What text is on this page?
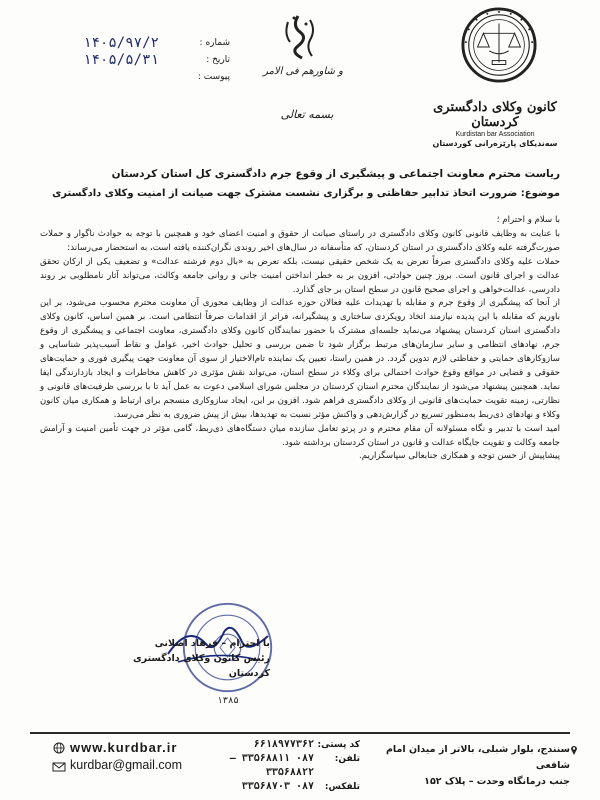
کانون وکلای دادگستری کردستان
Kurdistan bar Association
سەندیکای پارێزەرانی کوردستان
و شاورهم فی الامر
بسمه تعالی
شماره :
۱۴۰۵/۹۷/۲
تاریخ :
۱۴۰۵/۵/۳۱
پیوست :
ریاست محترم معاونت اجتماعی و پیشگیری از وقوع جرم دادگستری کل استان کردستان
موضوع: ضرورت اتخاذ تدابیر حفاظتی و برگزاری نشست مشترک جهت صیانت از امنیت وکلای دادگستری

با سلام و احترام ؛

با عنایت به وظایف قانونی کانون وکلای دادگستری در راستای صیانت از حقوق و امنیت اعضای خود و همچنین با توجه به حوادث ناگوار و حملات صورت‌گرفته علیه وکلای دادگستری در استان کردستان، که متأسفانه در سال‌های اخیر روندی نگران‌کننده یافته است، به استحضار می‌رساند:

حملات علیه وکلای دادگستری صرفاً تعرض به یک شخص حقیقی نیست، بلکه تعرض به «بال دوم فرشته عدالت» و تضعیف یکی از ارکان تحقق عدالت و اجرای قانون است. بروز چنین حوادثی، افزون بر به خطر انداختن امنیت جانی و روانی جامعه وکالت، می‌تواند آثار نامطلوبی بر روند دادرسی، عدالت‌خواهی و اجرای صحیح قانون در سطح استان بر جای گذارد.

از آنجا که پیشگیری از وقوع جرم و مقابله با تهدیدات علیه فعالان حوزه عدالت از وظایف محوری آن معاونت محترم محسوب می‌شود، بر این باوریم که مقابله با این پدیده نیازمند اتخاذ رویکردی ساختاری و پیشگیرانه، فراتر از اقدامات صرفاً انتظامی است. بر همین اساس، کانون وکلای دادگستری استان کردستان پیشنهاد می‌نماید جلسه‌ای مشترک با حضور نمایندگان کانون وکلای دادگستری، معاونت اجتماعی و پیشگیری از وقوع جرم، نهادهای انتظامی و سایر سازمان‌های مرتبط برگزار شود تا ضمن بررسی و تحلیل حوادث اخیر، عوامل و نقاط آسیب‌پذیر شناسایی و سازوکارهای حمایتی و حفاظتی لازم تدوین گردد. در همین راستا، تعیین یک نماینده تام‌الاختیار از سوی آن معاونت جهت پیگیری فوری و حمایت‌های حقوقی و قضایی در مواقع وقوع حوادث احتمالی برای وکلاء در سطح استان، می‌تواند نقش مؤثری در کاهش مخاطرات و ایجاد بازدارندگی ایفا نماید. همچنین پیشنهاد می‌شود از نمایندگان محترم استان کردستان در مجلس شورای اسلامی دعوت به عمل آید تا با بررسی ظرفیت‌های قانونی و نظارتی، زمینه تقویت حمایت‌های قانونی از وکلای دادگستری فراهم شود. افزون بر این، ایجاد سازوکاری منسجم برای ارتباط و همکاری میان کانون وکلاء و نهادهای ذی‌ربط به‌منظور تسریع در گزارش‌دهی و واکنش مؤثر نسبت به تهدیدها، بیش از پیش ضروری به نظر می‌رسد.

امید است با تدبیر و نگاه مسئولانه آن مقام محترم و در پرتو تعامل سازنده میان دستگاه‌های ذی‌ربط، گامی مؤثر در جهت تأمین امنیت و آرامش جامعه وکالت و تقویت جایگاه عدالت و قانون در استان کردستان برداشته شود.

پیشاپیش از حسن توجه و همکاری جنابعالی سپاسگزاریم.

با احترام – فرهاد اصلانی
رئیس کانون وکلای دادگستری کردستان
۱۳۸۵
www.kurdbar.ir
kurdbar@gmail.com
کد پستی:
۶۶۱۸۹۷۷۳۶۲
تلفن:
۰۸۷ ۳۳۵۶۸۸۱۱ – ۳۳۵۶۸۸۲۲
تلفکس:
۰۸۷ ۳۳۵۶۸۷۰۳
سنندج، بلوار شبلی، بالاتر از میدان امام شافعی
جنب درمانگاه وحدت – پلاک ۱۵۲
